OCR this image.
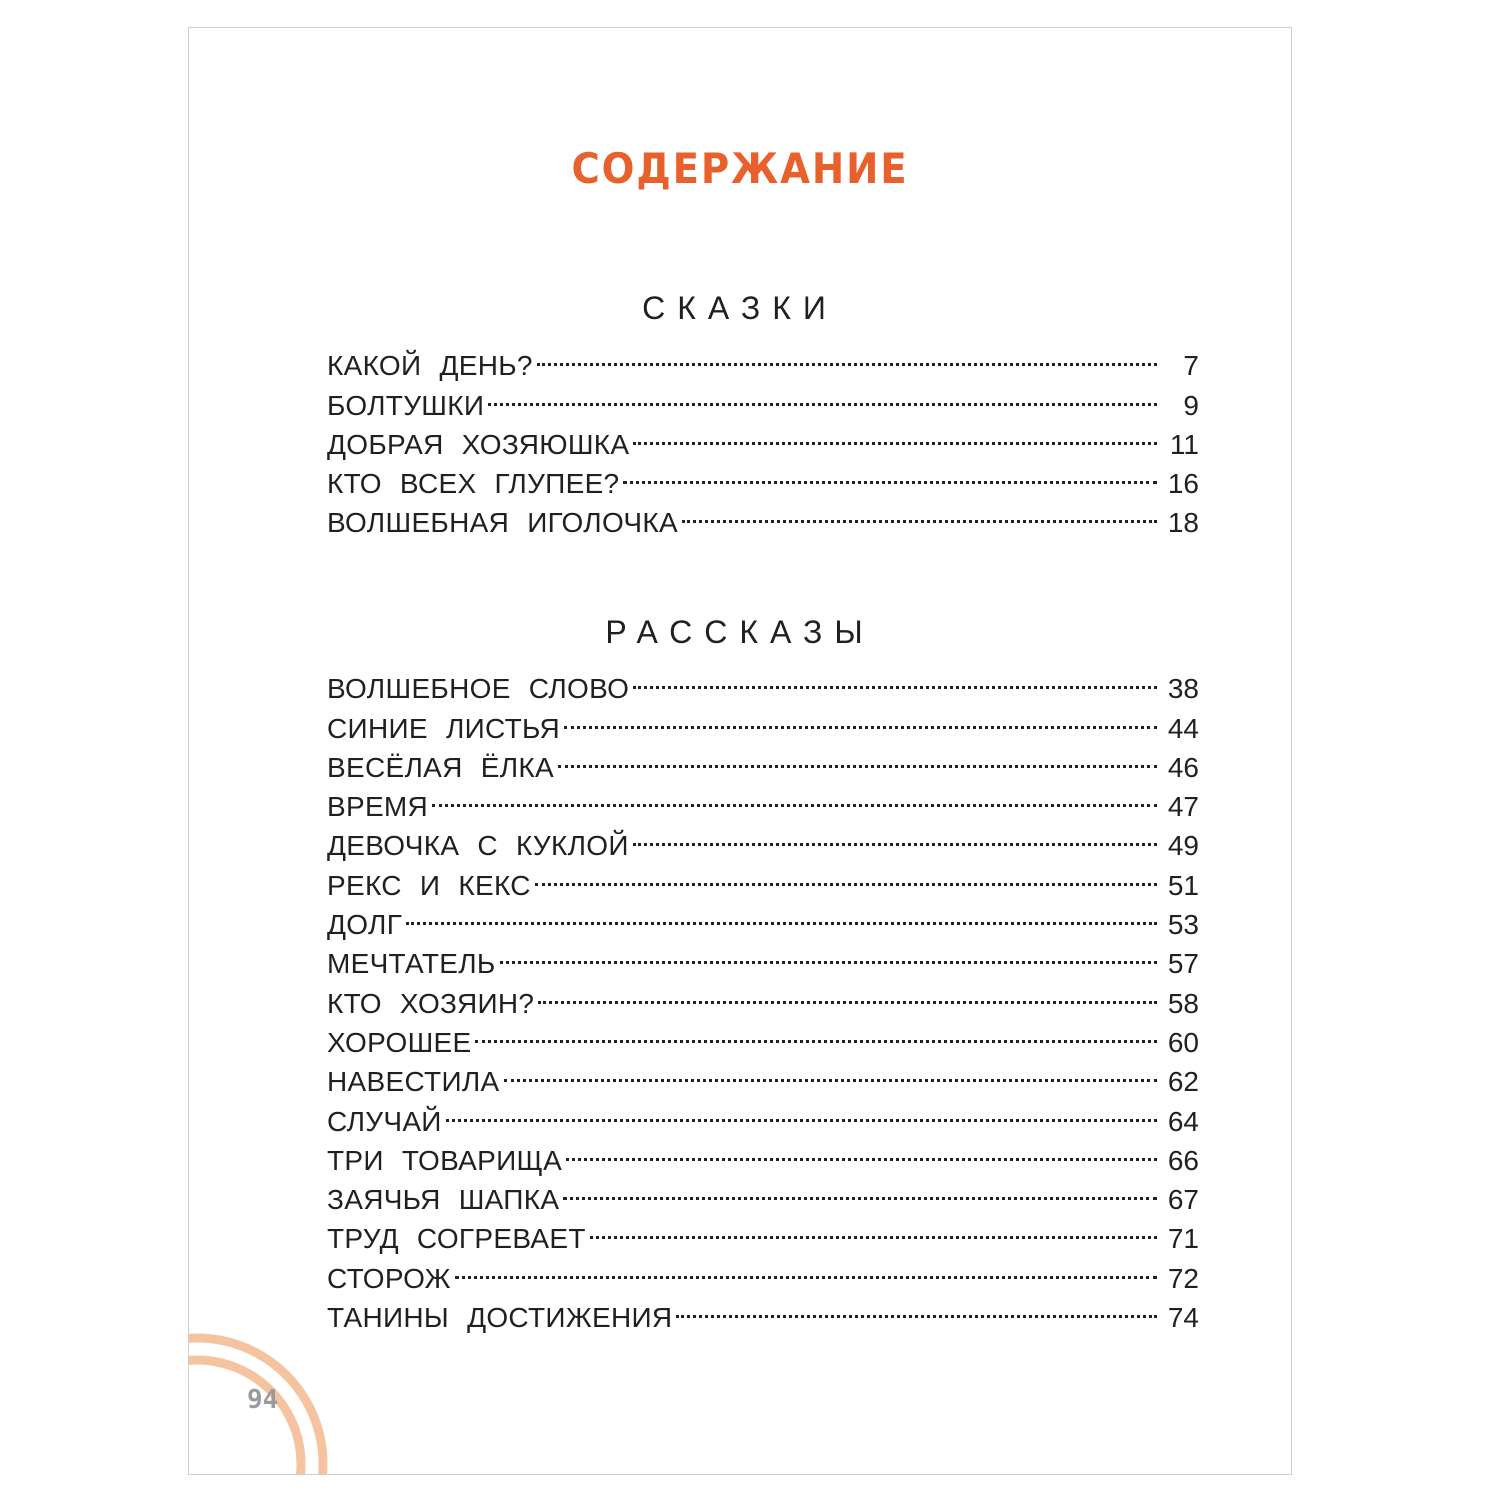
СОДЕРЖАНИЕ
СКАЗКИ
КАКОЙ ДЕНЬ?	7
БОЛТУШКИ	9
ДОБРАЯ ХОЗЯЮШКА	11
КТО ВСЕХ ГЛУПЕЕ?	16
ВОЛШЕБНАЯ ИГОЛОЧКА	18
РАССКАЗЫ
ВОЛШЕБНОЕ СЛОВО	38
СИНИЕ ЛИСТЬЯ	44
ВЕСЁЛАЯ ЁЛКА	46
ВРЕМЯ	47
ДЕВОЧКА С КУКЛОЙ	49
РЕКС И КЕКС	51
ДОЛГ	53
МЕЧТАТЕЛЬ	57
КТО ХОЗЯИН?	58
ХОРОШЕЕ	60
НАВЕСТИЛА	62
СЛУЧАЙ	64
ТРИ ТОВАРИЩА	66
ЗАЯЧЬЯ ШАПКА	67
ТРУД СОГРЕВАЕТ	71
СТОРОЖ	72
ТАНИНЫ ДОСТИЖЕНИЯ	74
94
